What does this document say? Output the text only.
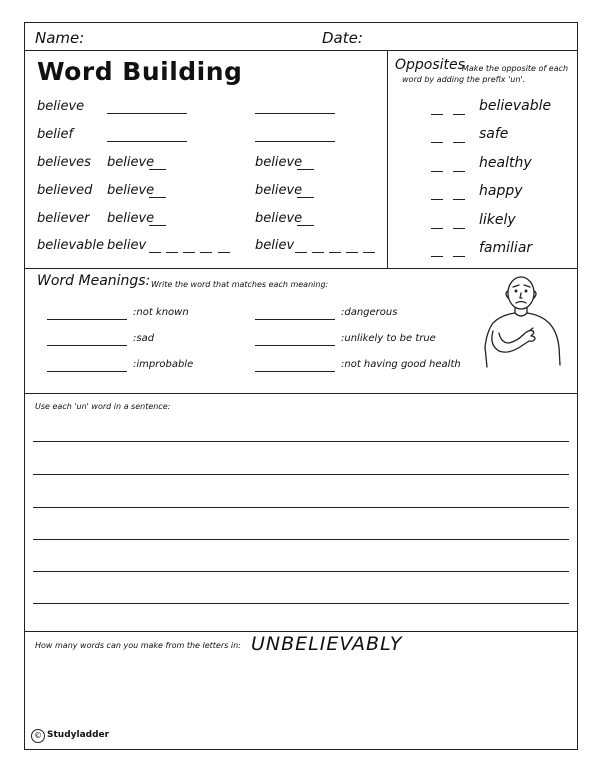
Name:	Date:
Word Building
believe
belief
believes believe	believe
believed believe	believe
believer believe	believe
believable believ	believ
Opposites
Make the opposite of each word by adding the prefix 'un'.
believable
safe
healthy
happy
likely
familiar
Word Meanings: Write the word that matches each meaning:
:not known
:sad
:improbable
:dangerous
:unlikely to be true
:not having good health
Use each 'un' word in a sentence:
How many words can you make from the letters in: UNBELIEVABLY
© Studyladder
